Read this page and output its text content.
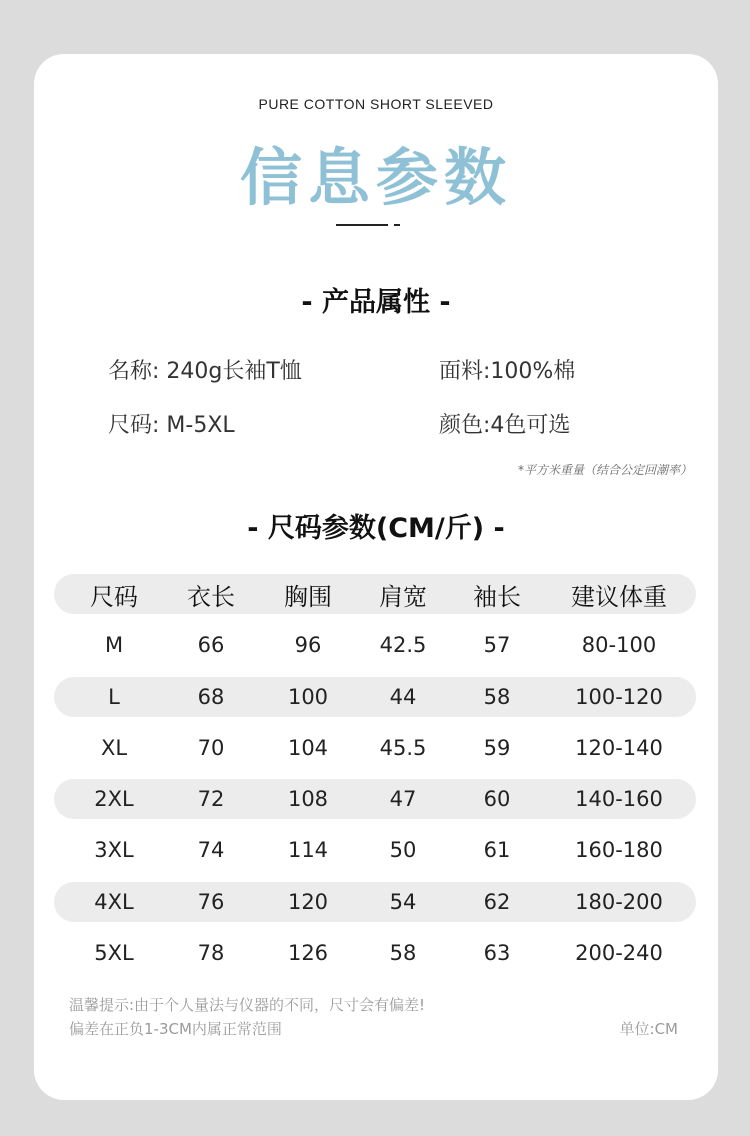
PURE COTTON SHORT SLEEVED
信息参数
- 产品属性 -
名称: 240g长袖T恤	面料:100%棉
尺码: M-5XL	颜色:4色可选
*平方米重量（结合公定回潮率）
- 尺码参数(CM/斤) -
尺码	衣长	胸围	肩宽	袖长	建议体重
M	66	96	42.5	57	80-100
L	68	100	44	58	100-120
XL	70	104	45.5	59	120-140
2XL	72	108	47	60	140-160
3XL	74	114	50	61	160-180
4XL	76	120	54	62	180-200
5XL	78	126	58	63	200-240
温馨提示:由于个人量法与仪器的不同，尺寸会有偏差!
偏差在正负1-3CM内属正常范围	单位:CM
